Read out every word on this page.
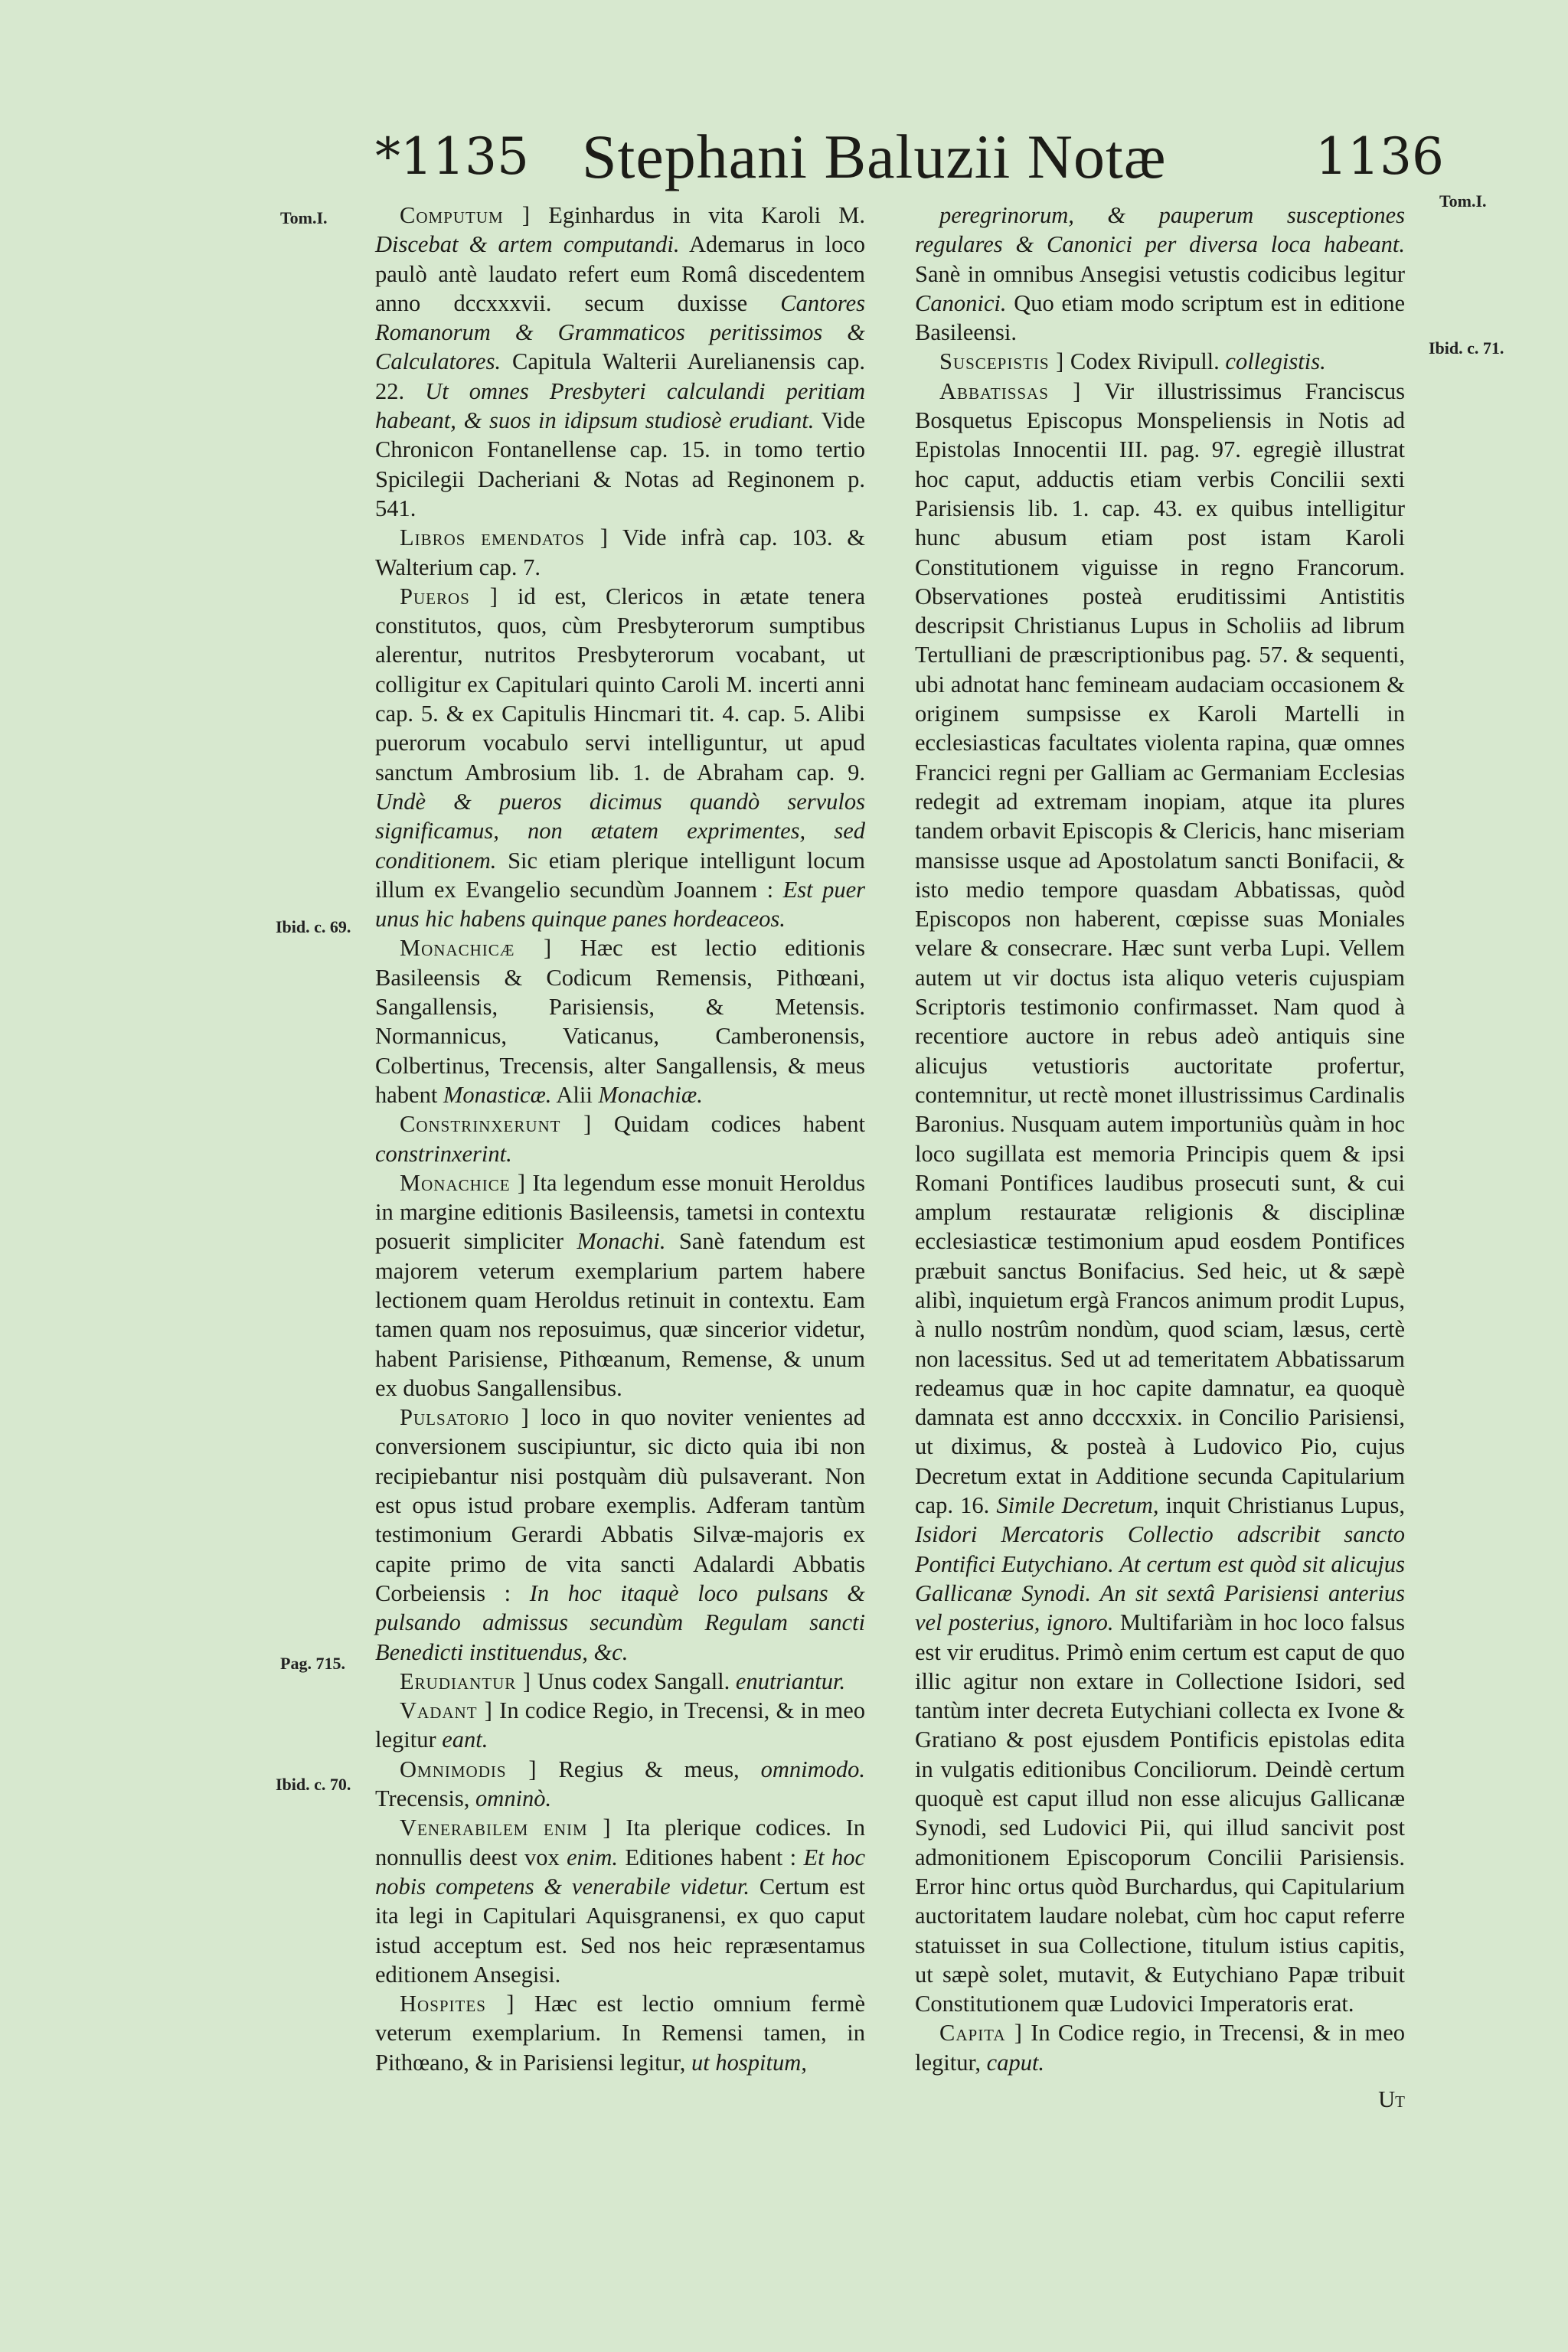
*1135 Stephani Baluzii Notæ	1136
Tom.I.
Ibid. c. 69.
Pag. 715.
Ibid. c. 70.
Tom.I.
Ibid. c. 71.

Computum ] Eginhardus in vita Karoli M. Discebat & artem computandi. Ademarus in loco paulò antè laudato refert eum Româ discedentem anno dccxxxvii. secum duxisse Cantores Romanorum & Grammaticos peritissimos & Calculatores. Capitula Walterii Aurelianensis cap. 22. Ut omnes Presbyteri calculandi peritiam habeant, & suos in idipsum studiosè erudiant. Vide Chronicon Fontanellense cap. 15. in tomo tertio Spicilegii Dacheriani & Notas ad Reginonem p. 541.

Libros emendatos ] Vide infrà cap. 103. & Walterium cap. 7.

Pueros ] id est, Clericos in ætate tenera constitutos, quos, cùm Presbyterorum sumptibus alerentur, nutritos Presbyterorum vocabant, ut colligitur ex Capitulari quinto Caroli M. incerti anni cap. 5. & ex Capitulis Hincmari tit. 4. cap. 5. Alibi puerorum vocabulo servi intelliguntur, ut apud sanctum Ambrosium lib. 1. de Abraham cap. 9. Undè & pueros dicimus quandò servulos significamus, non ætatem exprimentes, sed conditionem. Sic etiam plerique intelligunt locum illum ex Evangelio secundùm Joannem : Est puer unus hic habens quinque panes hordeaceos.

Monachicæ ] Hæc est lectio editionis Basileensis & Codicum Remensis, Pithœani, Sangallensis, Parisiensis, & Metensis. Normannicus, Vaticanus, Camberonensis, Colbertinus, Trecensis, alter Sangallensis, & meus habent Monasticæ. Alii Monachiæ.

Constrinxerunt ] Quidam codices habent constrinxerint.

Monachice ] Ita legendum esse monuit Heroldus in margine editionis Basileensis, tametsi in contextu posuerit simpliciter Monachi. Sanè fatendum est majorem veterum exemplarium partem habere lectionem quam Heroldus retinuit in contextu. Eam tamen quam nos reposuimus, quæ sincerior videtur, habent Parisiense, Pithœanum, Remense, & unum ex duobus Sangallensibus.

Pulsatorio ] loco in quo noviter venientes ad conversionem suscipiuntur, sic dicto quia ibi non recipiebantur nisi postquàm diù pulsaverant. Non est opus istud probare exemplis. Adferam tantùm testimonium Gerardi Abbatis Silvæ-majoris ex capite primo de vita sancti Adalardi Abbatis Corbeiensis : In hoc itaquè loco pulsans & pulsando admissus secundùm Regulam sancti Benedicti instituendus, &c.

Erudiantur ] Unus codex Sangall. enutriantur.

Vadant ] In codice Regio, in Trecensi, & in meo legitur eant.

Omnimodis ] Regius & meus, omnimodo. Trecensis, omninò.

Venerabilem enim ] Ita plerique codices. In nonnullis deest vox enim. Editiones habent : Et hoc nobis competens & venerabile videtur. Certum est ita legi in Capitulari Aquisgranensi, ex quo caput istud acceptum est. Sed nos heic repræsentamus editionem Ansegisi.

Hospites ] Hæc est lectio omnium fermè veterum exemplarium. In Remensi tamen, in Pithœano, & in Parisiensi legitur, ut hospitum,

peregrinorum, & pauperum susceptiones regulares & Canonici per diversa loca habeant. Sanè in omnibus Ansegisi vetustis codicibus legitur Canonici. Quo etiam modo scriptum est in editione Basileensi.

Suscepistis ] Codex Rivipull. collegistis.

Abbatissas ] Vir illustrissimus Franciscus Bosquetus Episcopus Monspeliensis in Notis ad Epistolas Innocentii III. pag. 97. egregiè illustrat hoc caput, adductis etiam verbis Concilii sexti Parisiensis lib. 1. cap. 43. ex quibus intelligitur hunc abusum etiam post istam Karoli Constitutionem viguisse in regno Francorum. Observationes posteà eruditissimi Antistitis descripsit Christianus Lupus in Scholiis ad librum Tertulliani de præscriptionibus pag. 57. & sequenti, ubi adnotat hanc femineam audaciam occasionem & originem sumpsisse ex Karoli Martelli in ecclesiasticas facultates violenta rapina, quæ omnes Francici regni per Galliam ac Germaniam Ecclesias redegit ad extremam inopiam, atque ita plures tandem orbavit Episcopis & Clericis, hanc miseriam mansisse usque ad Apostolatum sancti Bonifacii, & isto medio tempore quasdam Abbatissas, quòd Episcopos non haberent, cœpisse suas Moniales velare & consecrare. Hæc sunt verba Lupi. Vellem autem ut vir doctus ista aliquo veteris cujuspiam Scriptoris testimonio confirmasset. Nam quod à recentiore auctore in rebus adeò antiquis sine alicujus vetustioris auctoritate profertur, contemnitur, ut rectè monet illustrissimus Cardinalis Baronius. Nusquam autem importuniùs quàm in hoc loco sugillata est memoria Principis quem & ipsi Romani Pontifices laudibus prosecuti sunt, & cui amplum restauratæ religionis & disciplinæ ecclesiasticæ testimonium apud eosdem Pontifices præbuit sanctus Bonifacius. Sed heic, ut & sæpè alibì, inquietum ergà Francos animum prodit Lupus, à nullo nostrûm nondùm, quod sciam, læsus, certè non lacessitus. Sed ut ad temeritatem Abbatissarum redeamus quæ in hoc capite damnatur, ea quoquè damnata est anno dcccxxix. in Concilio Parisiensi, ut diximus, & posteà à Ludovico Pio, cujus Decretum extat in Additione secunda Capitularium cap. 16. Simile Decretum, inquit Christianus Lupus, Isidori Mercatoris Collectio adscribit sancto Pontifici Eutychiano. At certum est quòd sit alicujus Gallicanæ Synodi. An sit sextâ Parisiensi anterius vel posterius, ignoro. Multifariàm in hoc loco falsus est vir eruditus. Primò enim certum est caput de quo illic agitur non extare in Collectione Isidori, sed tantùm inter decreta Eutychiani collecta ex Ivone & Gratiano & post ejusdem Pontificis epistolas edita in vulgatis editionibus Conciliorum. Deindè certum quoquè est caput illud non esse alicujus Gallicanæ Synodi, sed Ludovici Pii, qui illud sancivit post admonitionem Episcoporum Concilii Parisiensis. Error hinc ortus quòd Burchardus, qui Capitularium auctoritatem laudare nolebat, cùm hoc caput referre statuisset in sua Collectione, titulum istius capitis, ut sæpè solet, mutavit, & Eutychiano Papæ tribuit Constitutionem quæ Ludovici Imperatoris erat.

Capita ] In Codice regio, in Trecensi, & in meo legitur, caput.

Ut
